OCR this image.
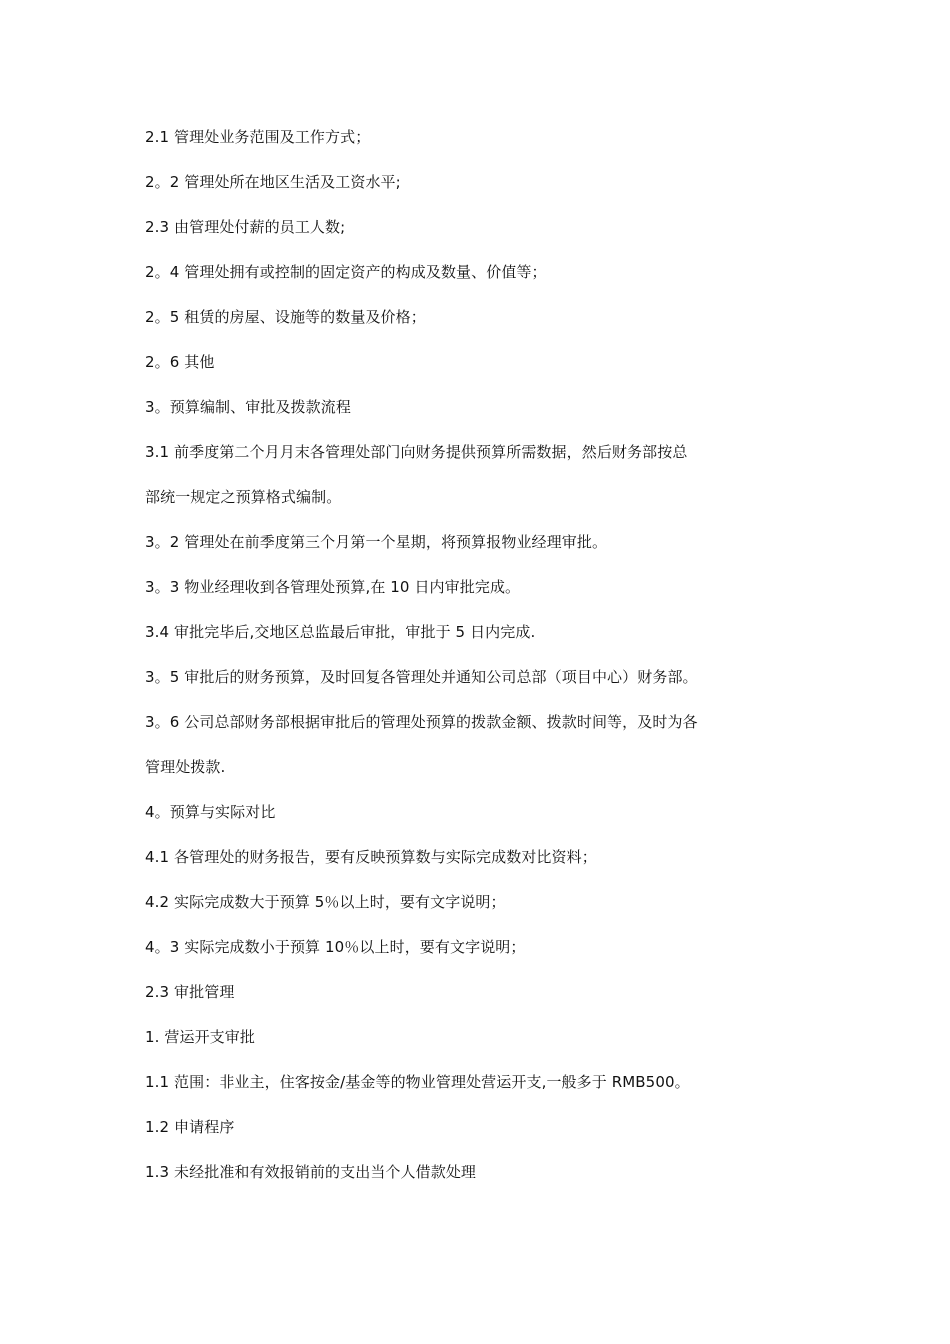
2.1 管理处业务范围及工作方式；
2。2 管理处所在地区生活及工资水平;
2.3 由管理处付薪的员工人数;
2。4 管理处拥有或控制的固定资产的构成及数量、价值等；
2。5 租赁的房屋、设施等的数量及价格；
2。6 其他
3。预算编制、审批及拨款流程
3.1 前季度第二个月月末各管理处部门向财务提供预算所需数据，然后财务部按总
部统一规定之预算格式编制。
3。2 管理处在前季度第三个月第一个星期，将预算报物业经理审批。
3。3 物业经理收到各管理处预算,在 10 日内审批完成。
3.4 审批完毕后,交地区总监最后审批，审批于 5 日内完成.
3。5 审批后的财务预算，及时回复各管理处并通知公司总部（项目中心）财务部。
3。6 公司总部财务部根据审批后的管理处预算的拨款金额、拨款时间等，及时为各
管理处拨款.
4。预算与实际对比
4.1 各管理处的财务报告，要有反映预算数与实际完成数对比资料；
4.2 实际完成数大于预算 5％以上时，要有文字说明；
4。3 实际完成数小于预算 10％以上时，要有文字说明；
2.3 审批管理
1. 营运开支审批
1.1 范围：非业主，住客按金/基金等的物业管理处营运开支,一般多于 RMB500。
1.2 申请程序
1.3 未经批准和有效报销前的支出当个人借款处理
